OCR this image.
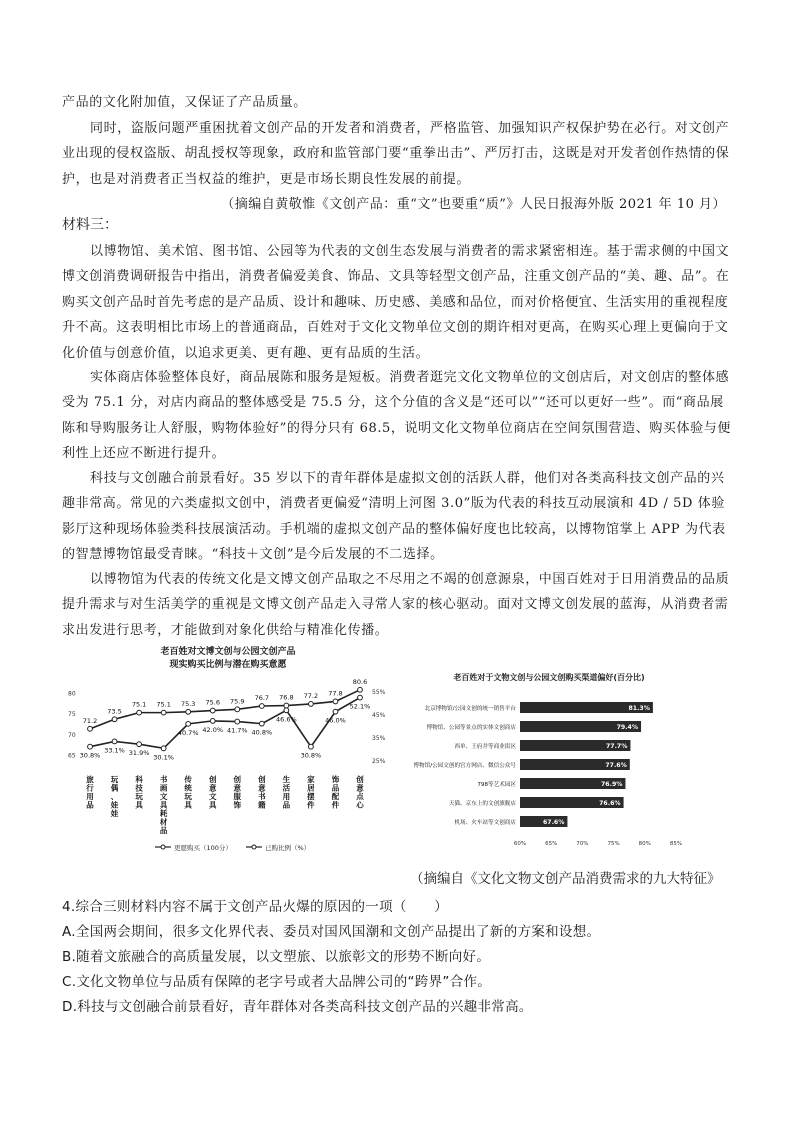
产品的文化附加值，又保证了产品质量。

同时，盗版问题严重困扰着文创产品的开发者和消费者，严格监管、加强知识产权保护势在必行。对文创产业出现的侵权盗版、胡乱授权等现象，政府和监管部门要“重拳出击”、严厉打击，这既是对开发者创作热情的保护，也是对消费者正当权益的维护，更是市场长期良性发展的前提。

（摘编自黄敬惟《文创产品：重“文”也要重“质”》人民日报海外版 2021 年 10 月）
材料三：

以博物馆、美术馆、图书馆、公园等为代表的文创生态发展与消费者的需求紧密相连。基于需求侧的中国文博文创消费调研报告中指出，消费者偏爱美食、饰品、文具等轻型文创产品，注重文创产品的“美、趣、品”。在购买文创产品时首先考虑的是产品质、设计和趣味、历史感、美感和品位，而对价格便宜、生活实用的重视程度升不高。这表明相比市场上的普通商品，百姓对于文化文物单位文创的期许相对更高，在购买心理上更偏向于文化价值与创意价值，以追求更美、更有趣、更有品质的生活。

实体商店体验整体良好，商品展陈和服务是短板。消费者逛完文化文物单位的文创店后，对文创店的整体感受为 75.1 分，对店内商品的整体感受是 75.5 分，这个分值的含义是“还可以”“还可以更好一些”。而“商品展陈和导购服务让人舒服，购物体验好”的得分只有 68.5，说明文化文物单位商店在空间氛围营造、购买体验与便利性上还应不断进行提升。

科技与文创融合前景看好。35 岁以下的青年群体是虚拟文创的活跃人群，他们对各类高科技文创产品的兴趣非常高。常见的六类虚拟文创中，消费者更偏爱“清明上河图 3.0”版为代表的科技互动展演和 4D / 5D 体验影厅这种现场体验类科技展演活动。手机端的虚拟文创产品的整体偏好度也比较高，以博物馆掌上 APP 为代表的智慧博物馆最受青睐。“科技＋文创”是今后发展的不二选择。

以博物馆为代表的传统文化是文博文创产品取之不尽用之不竭的创意源泉，中国百姓对于日用消费品的品质提升需求与对生活美学的重视是文博文创产品走入寻常人家的核心驱动。面对文博文创发展的蓝海，从消费者需求出发进行思考，才能做到对象化供给与精准化传播。

老百姓对文博文创与公园文创产品
现实购买比例与潜在购买意愿
80
75
70
65
55%
45%
35%
25%
71.2
73.5
75.1 75.1 75.3 75.6 75.9 76.7 76.8 77.2 77.8
80.6
30.8%
33.1% 31.9%
30.1%
40.7% 42.0% 41.7% 40.8%
46.6%
30.8%
46.0%
52.1%
旅行用品
玩偶、娃娃
科技玩具
书画文具耗材品
传统玩具
创意文具
创意服饰
创意书籍
生活用品
家居摆件
饰品配件
创意点心
更愿购买（100分）	已购比例（%）
老百姓对于文物文创与公园文创购买渠道偏好(百分比)
北京博物馆/公园文创的统一销售平台	81.3%
博物馆、公园等景点的实体文创商店	79.4%
西单、王府井等商业街区	77.7%
博物馆/公园文创的官方网店、微信公众号	77.6%
798等艺术园区	76.9%
天猫、京东上的文创旗舰店	76.6%
机场、火车站等文创商店	67.6%
60%	65%	70%	75%	80%	85%
（摘编自《文化文物文创产品消费需求的九大特征》
4.综合三则材料内容不属于文创产品火爆的原因的一项（　　）
A.全国两会期间，很多文化界代表、委员对国风国潮和文创产品提出了新的方案和设想。
B.随着文旅融合的高质量发展，以文塑旅、以旅彰文的形势不断向好。
C.文化文物单位与品质有保障的老字号或者大品牌公司的“跨界”合作。
D.科技与文创融合前景看好，青年群体对各类高科技文创产品的兴趣非常高。
